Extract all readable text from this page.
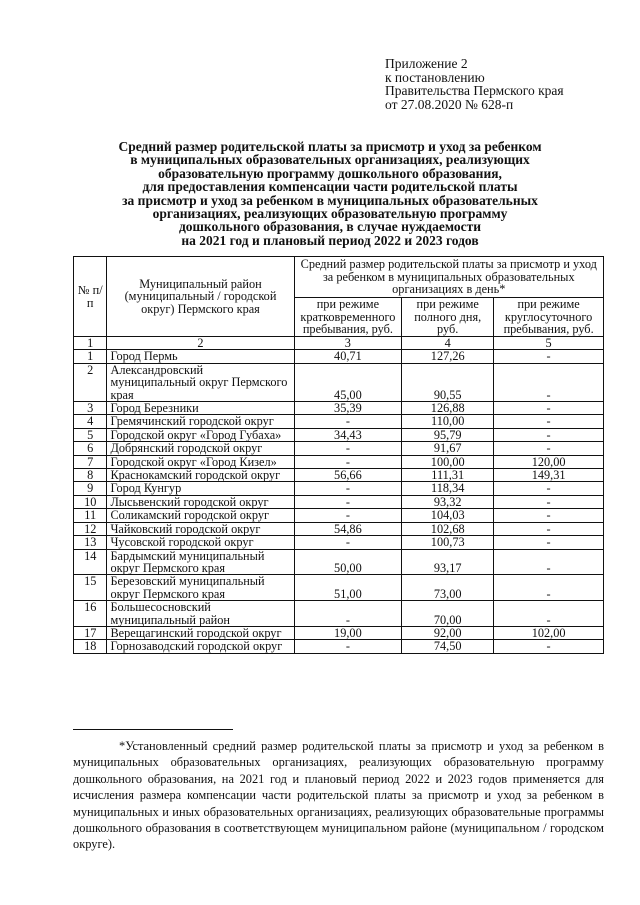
Приложение 2
к постановлению
Правительства Пермского края
от 27.08.2020 № 628-п
Средний размер родительской платы за присмотр и уход за ребенком
в муниципальных образовательных организациях, реализующих
образовательную программу дошкольного образования,
для предоставления компенсации части родительской платы
за присмотр и уход за ребенком в муниципальных образовательных
организациях, реализующих образовательную программу
дошкольного образования, в случае нуждаемости
на 2021 год и плановый период 2022 и 2023 годов
№ п/п	Муниципальный район (муниципальный / городской округ) Пермского края	Средний размер родительской платы за присмотр и уход за ребенком в муниципальных образовательных организациях в день*		
		при режиме кратковременного пребывания, руб.	при режиме полного дня, руб.	при режиме круглосуточного пребывания, руб.
1	2	3	4	5
1	Город Пермь	40,71	127,26	-
2	Александровский муниципальный округ Пермского края	45,00	90,55	-
3	Город Березники	35,39	126,88	-
4	Гремячинский городской округ	-	110,00	-
5	Городской округ «Город Губаха»	34,43	95,79	-
6	Добрянский городской округ	-	91,67	-
7	Городской округ «Город Кизел»	-	100,00	120,00
8	Краснокамский городской округ	56,66	111,31	149,31
9	Город Кунгур	-	118,34	-
10	Лысьвенский городской округ	-	93,32	-
11	Соликамский городской округ	-	104,03	-
12	Чайковский городской округ	54,86	102,68	-
13	Чусовской городской округ	-	100,73	-
14	Бардымский муниципальный округ Пермского края	50,00	93,17	-
15	Березовский муниципальный округ Пермского края	51,00	73,00	-
16	Большесосновский муниципальный район	-	70,00	-
17	Верещагинский городской округ	19,00	92,00	102,00
18	Горнозаводский городской округ	-	74,50	-
*Установленный средний размер родительской платы за присмотр и уход за ребенком в муниципальных образовательных организациях, реализующих образовательную программу дошкольного образования, на 2021 год и плановый период 2022 и 2023 годов применяется для исчисления размера компенсации части родительской платы за присмотр и уход за ребенком в муниципальных и иных образовательных организациях, реализующих образовательные программы дошкольного образования в соответствующем муниципальном районе (муниципальном / городском округе).
